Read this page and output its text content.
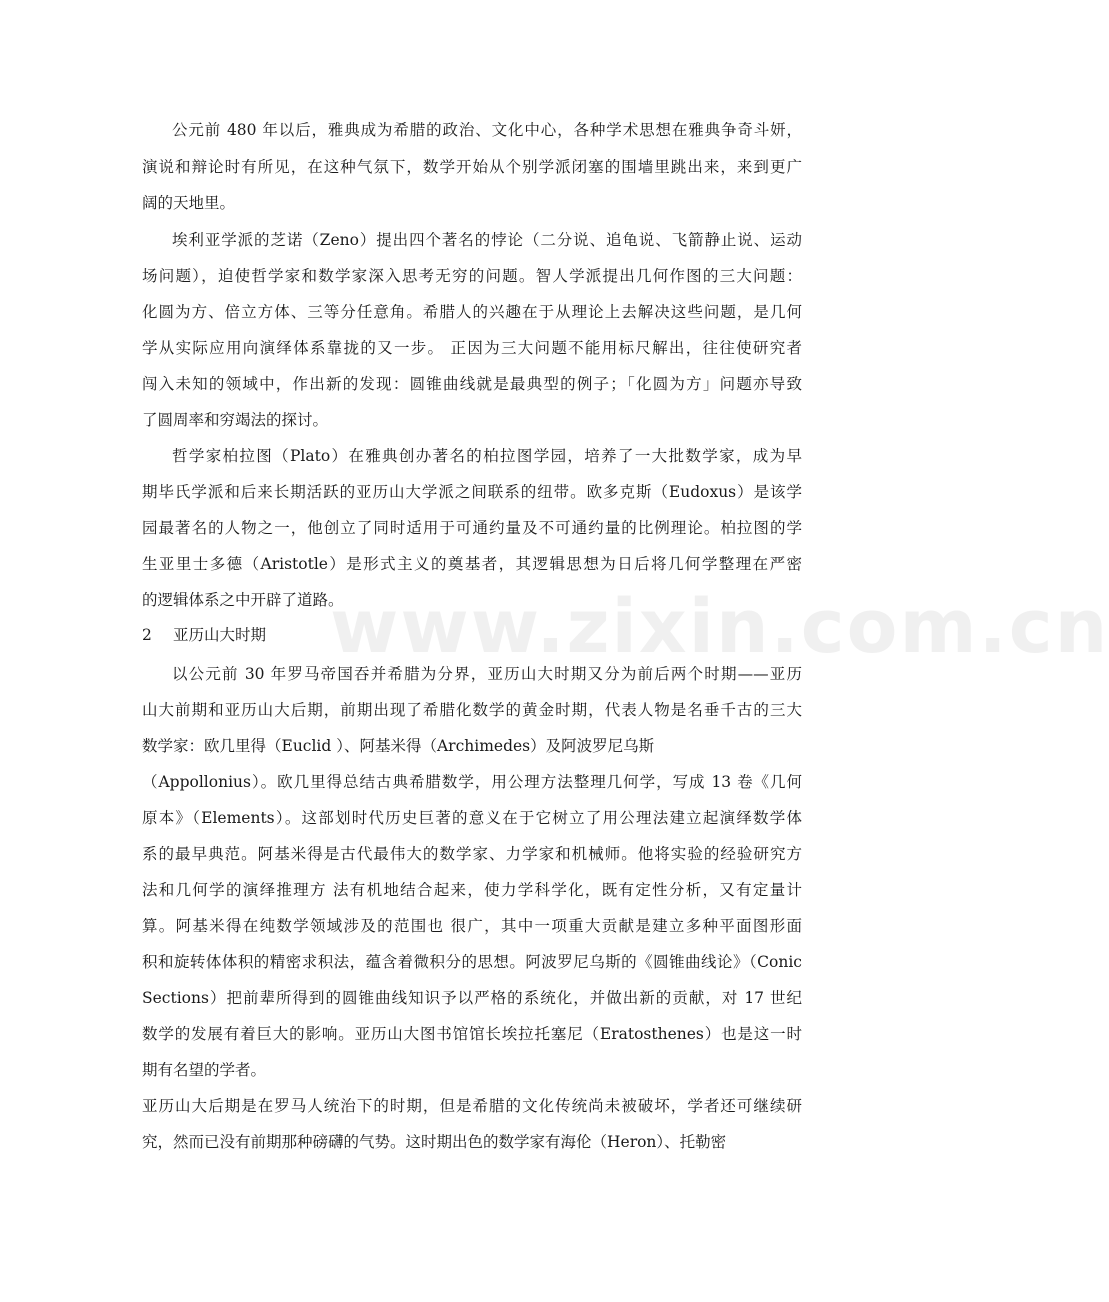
www.zixin.com.cn
公元前 480 年以后，雅典成为希腊的政治、文化中心，各种学术思想在雅典争奇斗妍，
演说和辩论时有所见，在这种气氛下，数学开始从个别学派闭塞的围墙里跳出来，来到更广
阔的天地里。
埃利亚学派的芝诺（Zeno）提出四个著名的悖论（二分说、追龟说、飞箭静止说、运动
场问题），迫使哲学家和数学家深入思考无穷的问题。智人学派提出几何作图的三大问题：
化圆为方、倍立方体、三等分任意角。希腊人的兴趣在于从理论上去解决这些问题，是几何
学从实际应用向演绎体系靠拢的又一步。 正因为三大问题不能用标尺解出，往往使研究者
闯入未知的领域中，作出新的发现：圆锥曲线就是最典型的例子；「化圆为方」问题亦导致
了圆周率和穷竭法的探讨。
哲学家柏拉图（Plato）在雅典创办著名的柏拉图学园，培养了一大批数学家，成为早
期毕氏学派和后来长期活跃的亚历山大学派之间联系的纽带。欧多克斯（Eudoxus）是该学
园最著名的人物之一，他创立了同时适用于可通约量及不可通约量的比例理论。柏拉图的学
生亚里士多德（Aristotle）是形式主义的奠基者，其逻辑思想为日后将几何学整理在严密
的逻辑体系之中开辟了道路。
2 亚历山大时期
以公元前 30 年罗马帝国吞并希腊为分界，亚历山大时期又分为前后两个时期——亚历
山大前期和亚历山大后期，前期出现了希腊化数学的黄金时期，代表人物是名垂千古的三大
数学家：欧几里得（Euclid ）、阿基米得（Archimedes）及阿波罗尼乌斯
（Appollonius）。欧几里得总结古典希腊数学，用公理方法整理几何学，写成 13 卷《几何
原本》（Elements）。这部划时代历史巨著的意义在于它树立了用公理法建立起演绎数学体
系的最早典范。阿基米得是古代最伟大的数学家、力学家和机械师。他将实验的经验研究方
法和几何学的演绎推理方 法有机地结合起来，使力学科学化，既有定性分析，又有定量计
算。阿基米得在纯数学领域涉及的范围也 很广，其中一项重大贡献是建立多种平面图形面
积和旋转体体积的精密求积法，蕴含着微积分的思想。阿波罗尼乌斯的《圆锥曲线论》（Conic
Sections）把前辈所得到的圆锥曲线知识予以严格的系统化，并做出新的贡献，对 17 世纪
数学的发展有着巨大的影响。亚历山大图书馆馆长埃拉托塞尼（Eratosthenes）也是这一时
期有名望的学者。
亚历山大后期是在罗马人统治下的时期，但是希腊的文化传统尚未被破坏，学者还可继续研
究，然而已没有前期那种磅礴的气势。这时期出色的数学家有海伦（Heron）、托勒密
